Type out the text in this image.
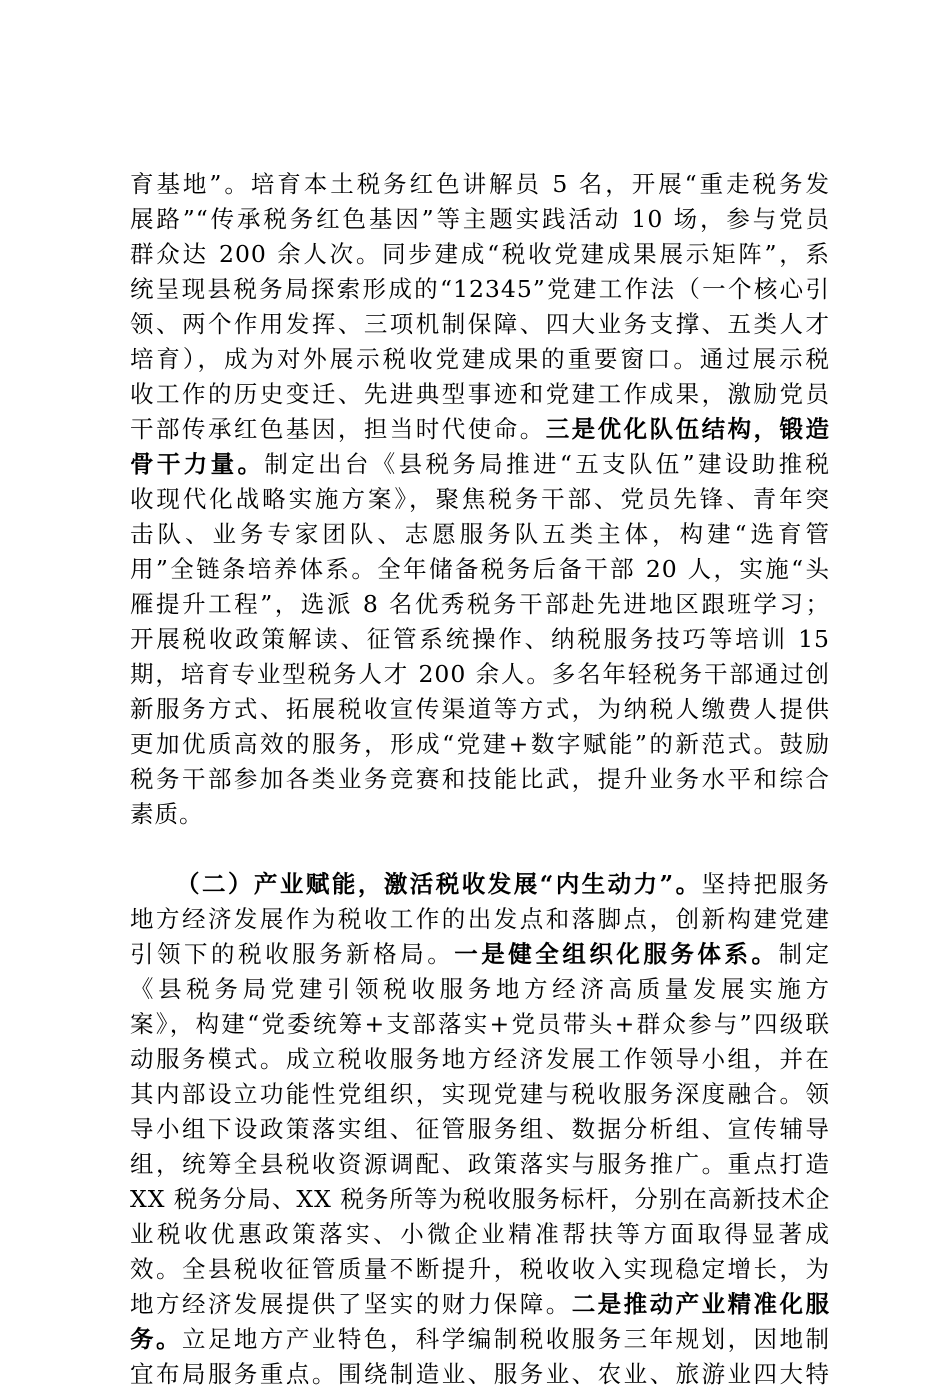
育基地”。培育本土税务红色讲解员 5 名，开展“重走税务发
展路”“传承税务红色基因”等主题实践活动 10 场，参与党员
群众达 200 余人次。同步建成“税收党建成果展示矩阵”，系
统呈现县税务局探索形成的“12345”党建工作法（一个核心引
领、两个作用发挥、三项机制保障、四大业务支撑、五类人才
培育），成为对外展示税收党建成果的重要窗口。通过展示税
收工作的历史变迁、先进典型事迹和党建工作成果，激励党员
干部传承红色基因，担当时代使命。三是优化队伍结构，锻造
骨干力量。制定出台《县税务局推进“五支队伍”建设助推税
收现代化战略实施方案》，聚焦税务干部、党员先锋、青年突
击队、业务专家团队、志愿服务队五类主体，构建“选育管
用”全链条培养体系。全年储备税务后备干部 20 人，实施“头
雁提升工程”，选派 8 名优秀税务干部赴先进地区跟班学习；
开展税收政策解读、征管系统操作、纳税服务技巧等培训 15
期，培育专业型税务人才 200 余人。多名年轻税务干部通过创
新服务方式、拓展税收宣传渠道等方式，为纳税人缴费人提供
更加优质高效的服务，形成“党建+数字赋能”的新范式。鼓励
税务干部参加各类业务竞赛和技能比武，提升业务水平和综合
素质。
（二）产业赋能，激活税收发展“内生动力”。坚持把服务
地方经济发展作为税收工作的出发点和落脚点，创新构建党建
引领下的税收服务新格局。一是健全组织化服务体系。制定
《县税务局党建引领税收服务地方经济高质量发展实施方
案》，构建“党委统筹+支部落实+党员带头+群众参与”四级联
动服务模式。成立税收服务地方经济发展工作领导小组，并在
其内部设立功能性党组织，实现党建与税收服务深度融合。领
导小组下设政策落实组、征管服务组、数据分析组、宣传辅导
组，统筹全县税收资源调配、政策落实与服务推广。重点打造
XX 税务分局、XX 税务所等为税收服务标杆，分别在高新技术企
业税收优惠政策落实、小微企业精准帮扶等方面取得显著成
效。全县税收征管质量不断提升，税收收入实现稳定增长，为
地方经济发展提供了坚实的财力保障。二是推动产业精准化服
务。立足地方产业特色，科学编制税收服务三年规划，因地制
宜布局服务重点。围绕制造业、服务业、农业、旅游业四大特
